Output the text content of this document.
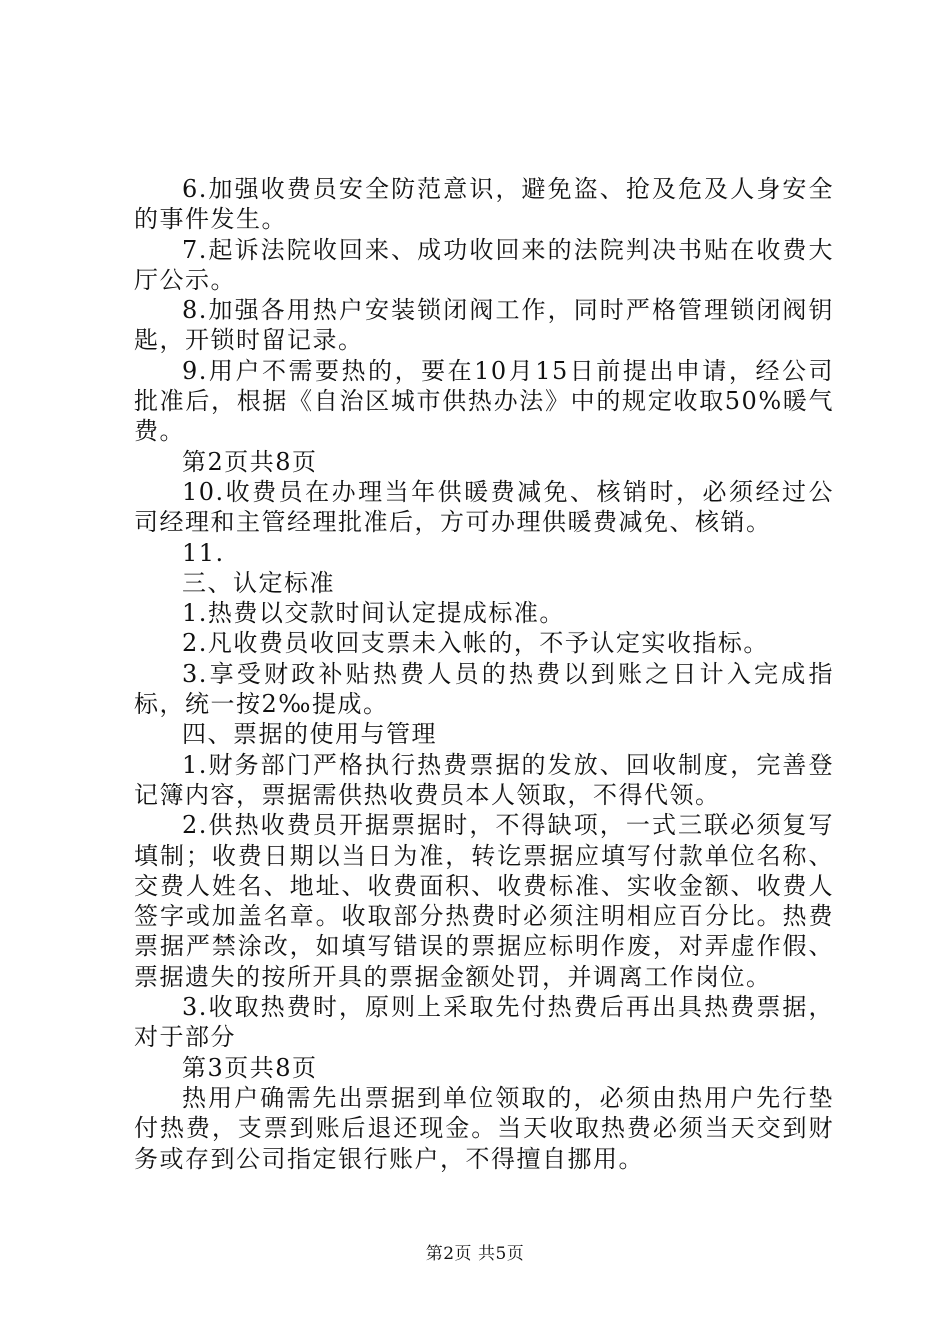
6.加强收费员安全防范意识，避免盗、抢及危及人身安全的事件发生。

7.起诉法院收回来、成功收回来的法院判决书贴在收费大厅公示。

8.加强各用热户安装锁闭阀工作，同时严格管理锁闭阀钥匙，开锁时留记录。

9.用户不需要热的，要在10月15日前提出申请，经公司批准后，根据《自治区城市供热办法》中的规定收取50%暖气费。

第2页共8页

10.收费员在办理当年供暖费减免、核销时，必须经过公司经理和主管经理批准后，方可办理供暖费减免、核销。

11.

三、认定标准

1.热费以交款时间认定提成标准。

2.凡收费员收回支票未入帐的，不予认定实收指标。

3.享受财政补贴热费人员的热费以到账之日计入完成指标，统一按2‰提成。

四、票据的使用与管理

1.财务部门严格执行热费票据的发放、回收制度，完善登记簿内容，票据需供热收费员本人领取，不得代领。

2.供热收费员开据票据时，不得缺项，一式三联必须复写填制；收费日期以当日为准，转讫票据应填写付款单位名称、交费人姓名、地址、收费面积、收费标准、实收金额、收费人签字或加盖名章。收取部分热费时必须注明相应百分比。热费票据严禁涂改，如填写错误的票据应标明作废，对弄虚作假、票据遗失的按所开具的票据金额处罚，并调离工作岗位。

3.收取热费时，原则上采取先付热费后再出具热费票据，对于部分

第3页共8页

热用户确需先出票据到单位领取的，必须由热用户先行垫付热费，支票到账后退还现金。当天收取热费必须当天交到财务或存到公司指定银行账户，不得擅自挪用。

第2页 共5页
